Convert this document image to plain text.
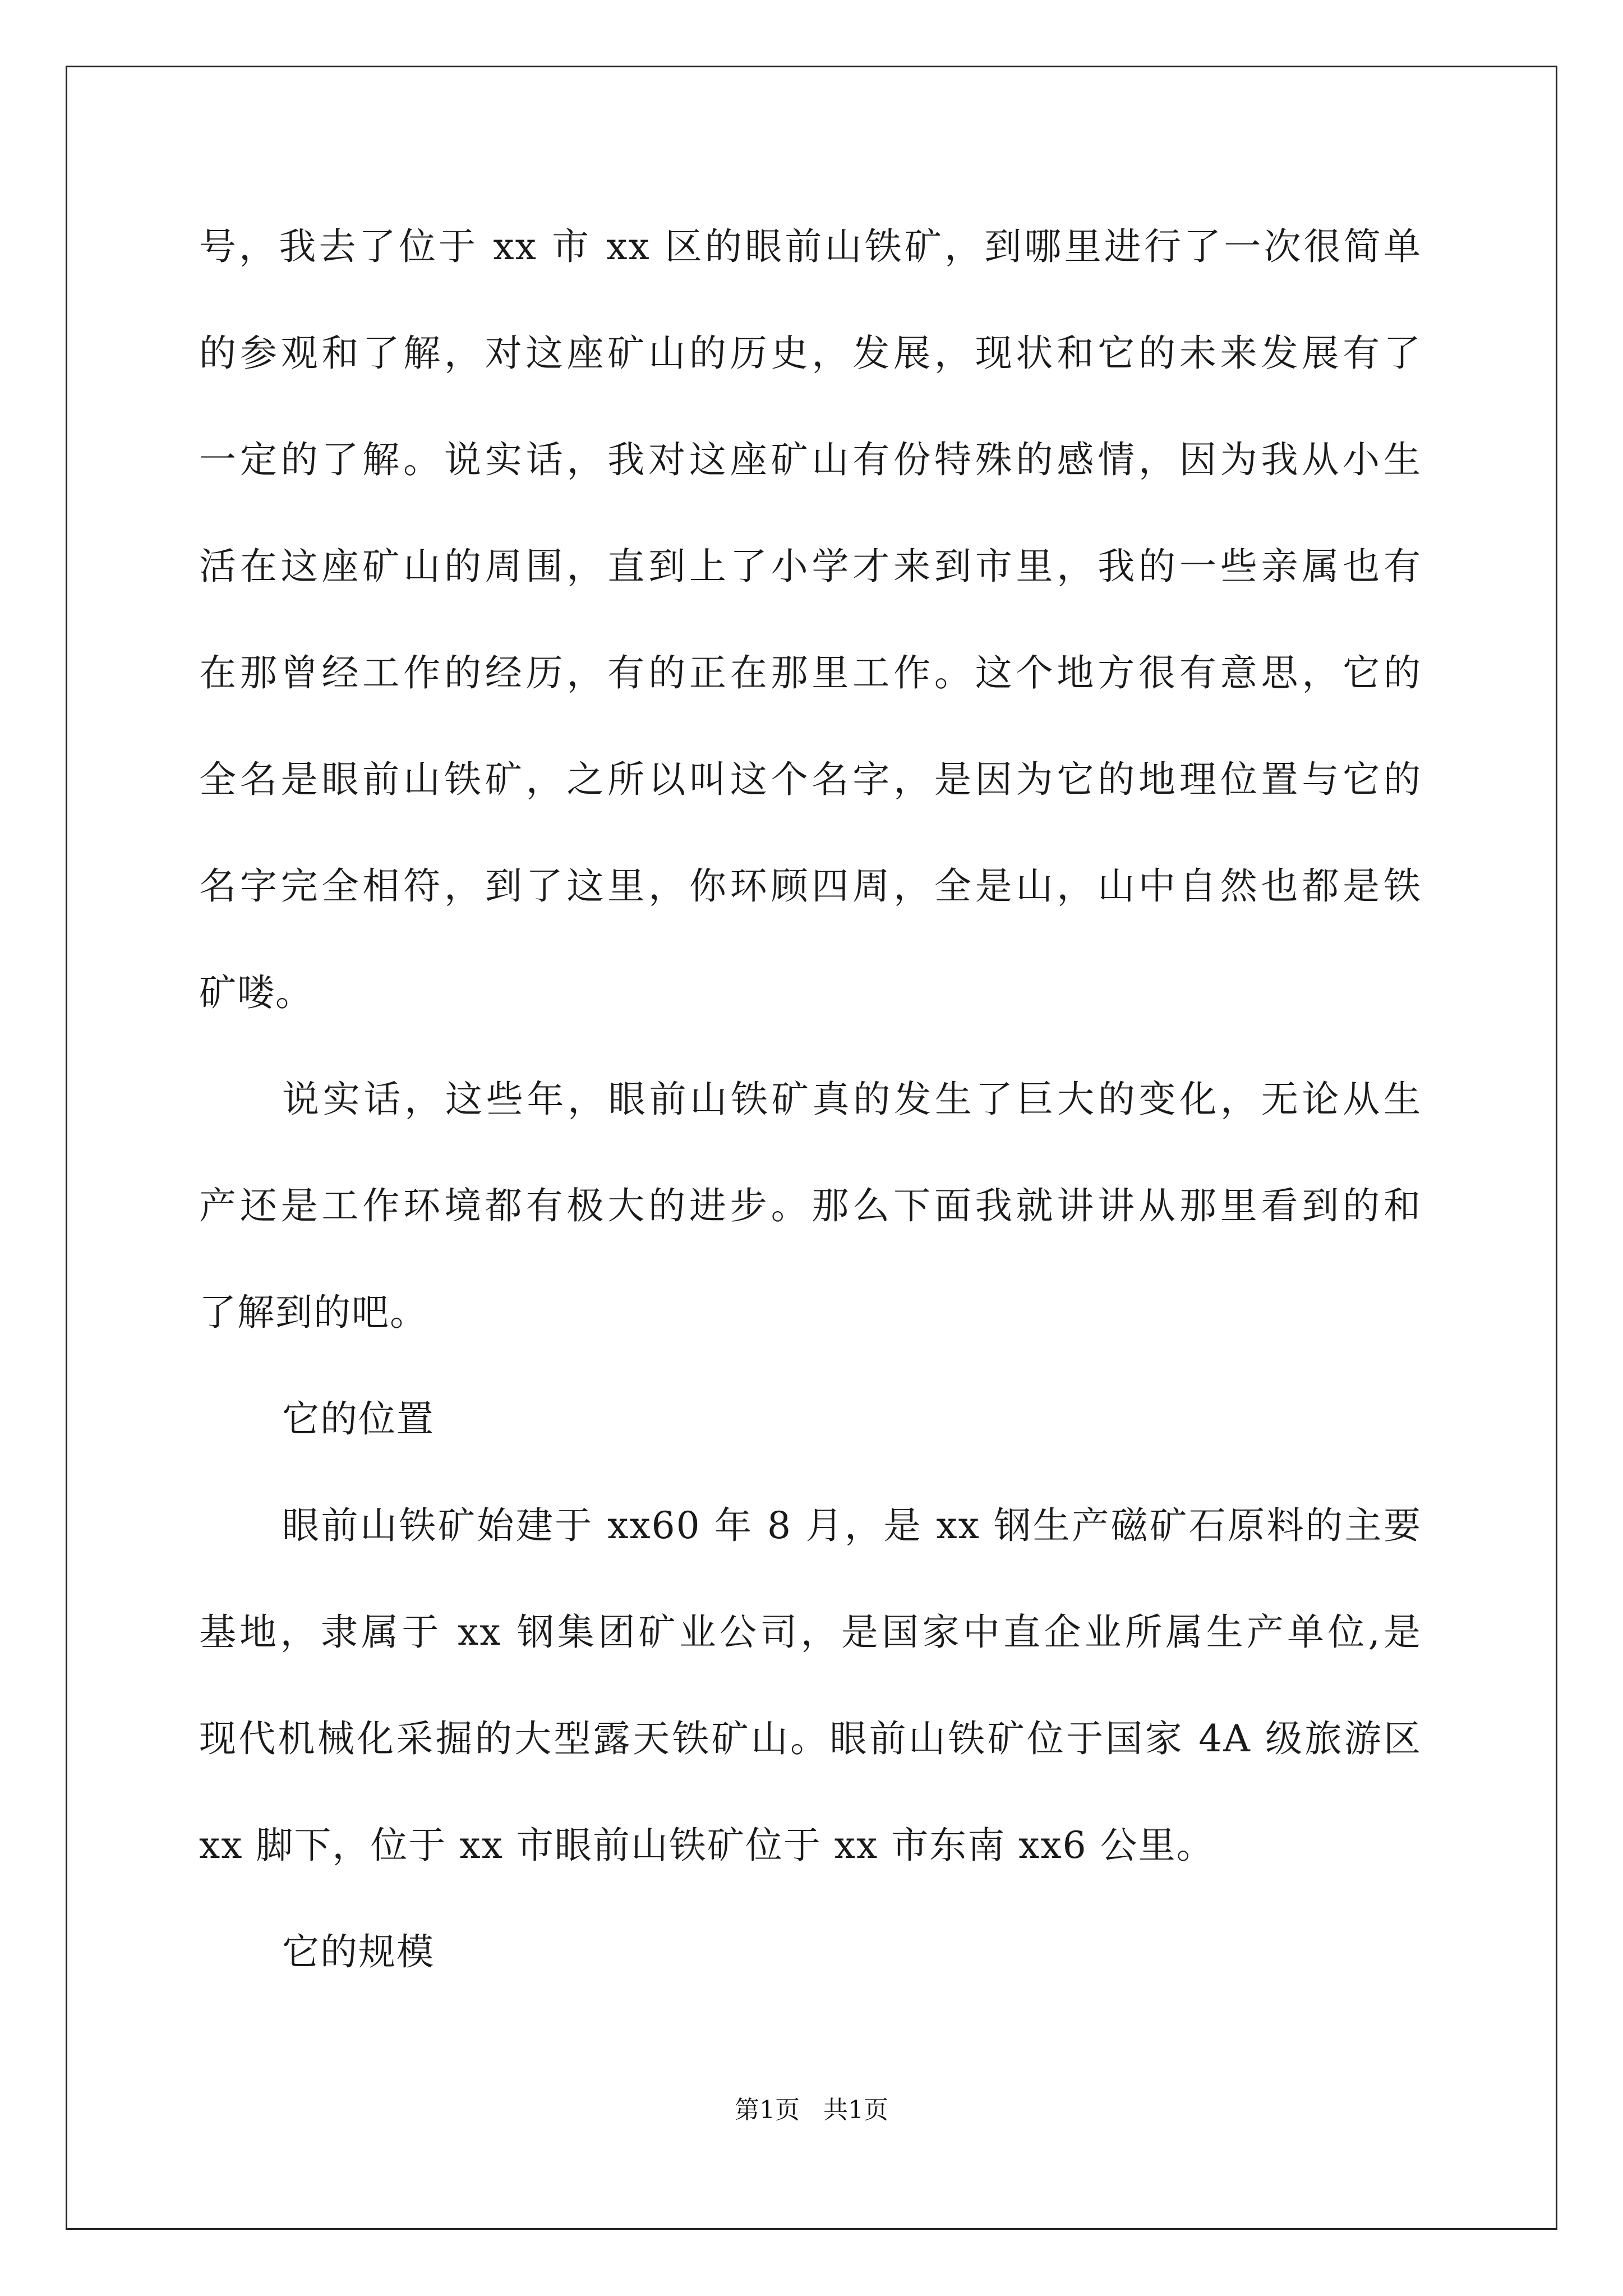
号，我去了位于 xx 市 xx 区的眼前山铁矿，到哪里进行了一次很简单
的参观和了解，对这座矿山的历史，发展，现状和它的未来发展有了
一定的了解。说实话，我对这座矿山有份特殊的感情，因为我从小生
活在这座矿山的周围，直到上了小学才来到市里，我的一些亲属也有
在那曾经工作的经历，有的正在那里工作。这个地方很有意思，它的
全名是眼前山铁矿，之所以叫这个名字，是因为它的地理位置与它的
名字完全相符，到了这里，你环顾四周，全是山，山中自然也都是铁
矿喽。
说实话，这些年，眼前山铁矿真的发生了巨大的变化，无论从生
产还是工作环境都有极大的进步。那么下面我就讲讲从那里看到的和
了解到的吧。
它的位置
眼前山铁矿始建于 xx60 年 8 月，是 xx 钢生产磁矿石原料的主要
基地，隶属于 xx 钢集团矿业公司，是国家中直企业所属生产单位,是
现代机械化采掘的大型露天铁矿山。眼前山铁矿位于国家 4A 级旅游区
xx 脚下，位于 xx 市眼前山铁矿位于 xx 市东南 xx6 公里。
它的规模
第1页   共1页
